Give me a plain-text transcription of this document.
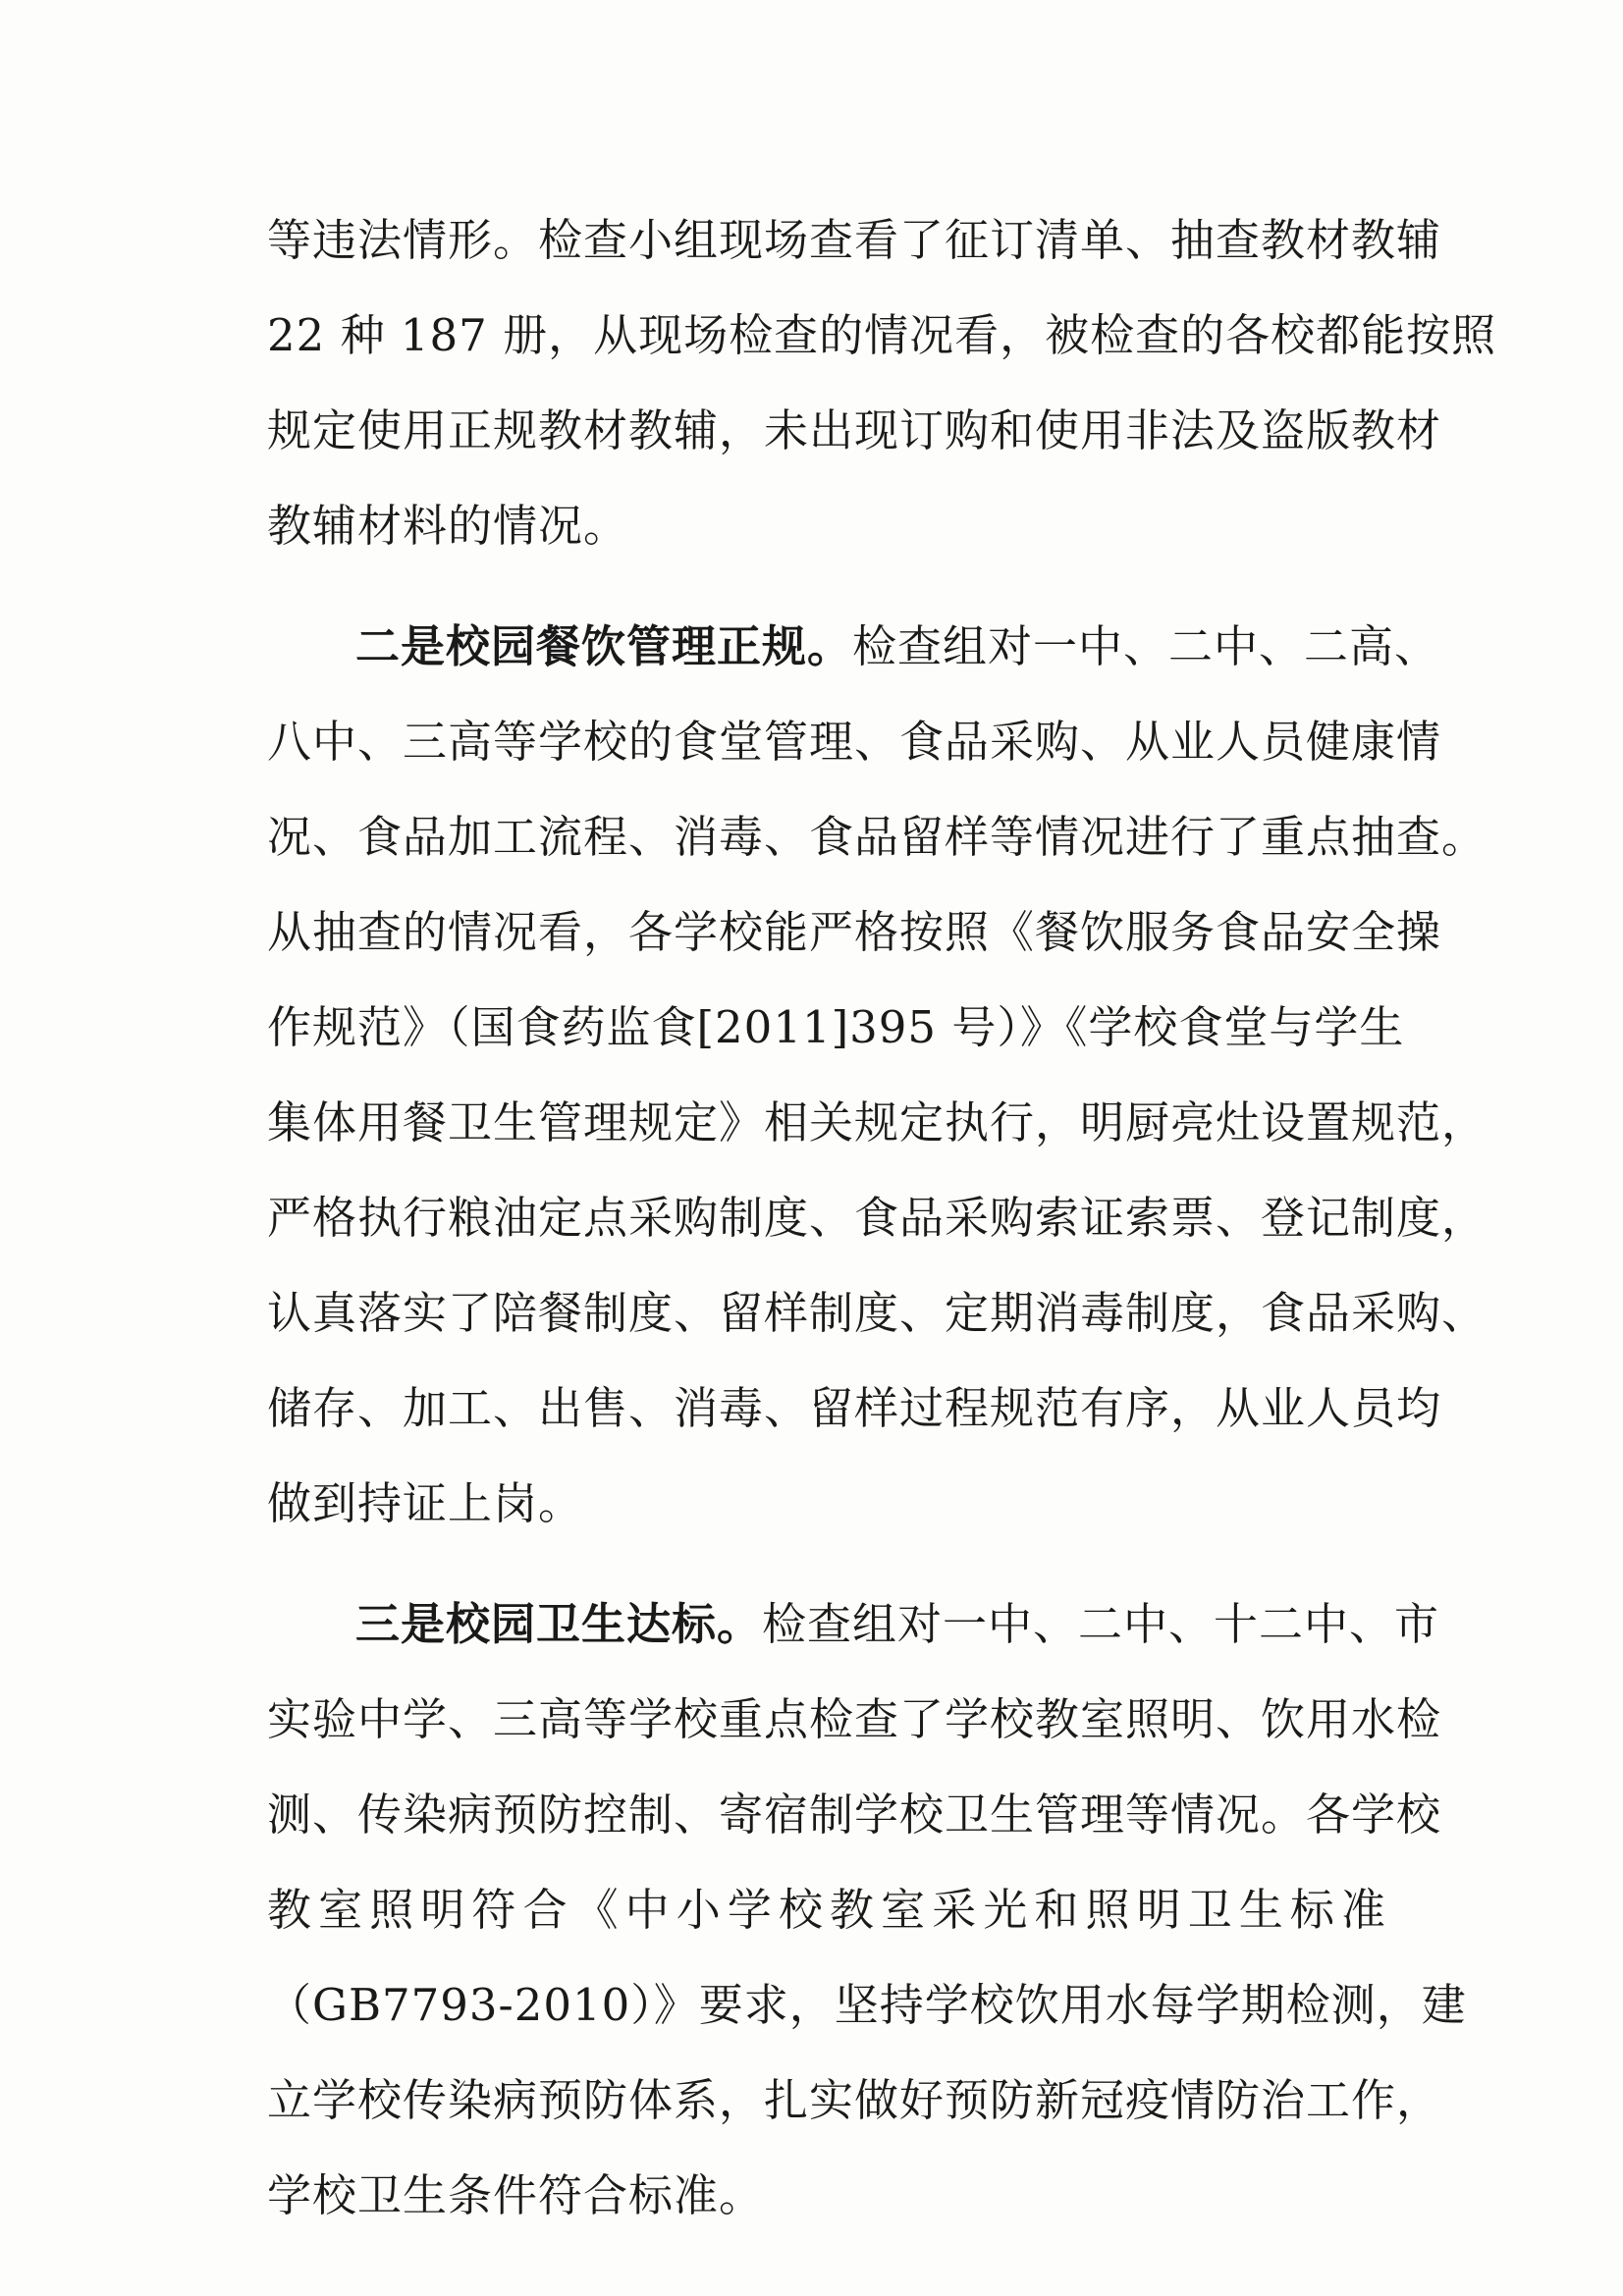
等违法情形。检查小组现场查看了征订清单、抽查教材教辅
22 种 187 册，从现场检查的情况看，被检查的各校都能按照
规定使用正规教材教辅，未出现订购和使用非法及盗版教材
教辅材料的情况。
二是校园餐饮管理正规。检查组对一中、二中、二高、
八中、三高等学校的食堂管理、食品采购、从业人员健康情
况、食品加工流程、消毒、食品留样等情况进行了重点抽查。
从抽查的情况看，各学校能严格按照《餐饮服务食品安全操
作规范》（国食药监食[2011]395 号）》《学校食堂与学生
集体用餐卫生管理规定》相关规定执行，明厨亮灶设置规范，
严格执行粮油定点采购制度、食品采购索证索票、登记制度，
认真落实了陪餐制度、留样制度、定期消毒制度，食品采购、
储存、加工、出售、消毒、留样过程规范有序，从业人员均
做到持证上岗。
三是校园卫生达标。检查组对一中、二中、十二中、市
实验中学、三高等学校重点检查了学校教室照明、饮用水检
测、传染病预防控制、寄宿制学校卫生管理等情况。各学校
教室照明符合《中小学校教室采光和照明卫生标准
（GB7793-2010）》要求，坚持学校饮用水每学期检测，建
立学校传染病预防体系，扎实做好预防新冠疫情防治工作，
学校卫生条件符合标准。
